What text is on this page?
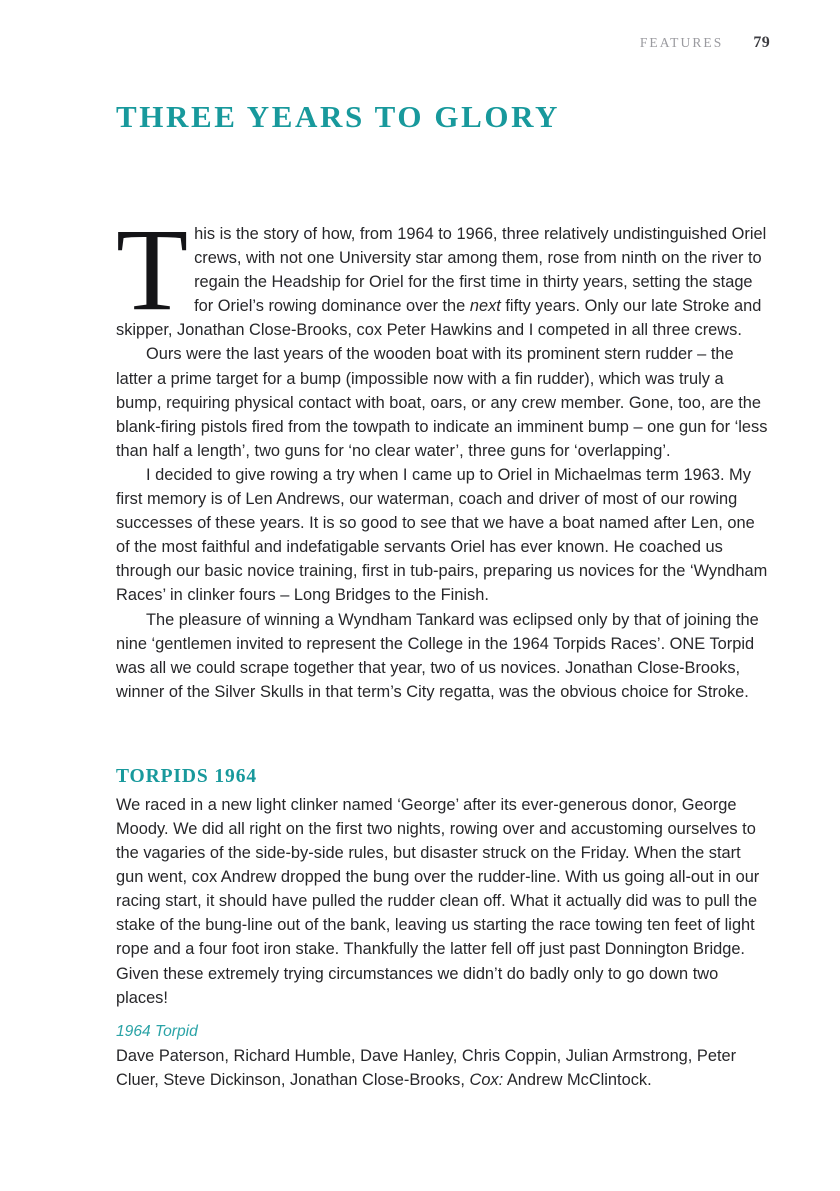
FEATURES 79
THREE YEARS TO GLORY

This is the story of how, from 1964 to 1966, three relatively undistinguished Oriel crews, with not one University star among them, rose from ninth on the river to regain the Headship for Oriel for the first time in thirty years, setting the stage for Oriel’s rowing dominance over the next fifty years. Only our late Stroke and skipper, Jonathan Close-Brooks, cox Peter Hawkins and I competed in all three crews.

Ours were the last years of the wooden boat with its prominent stern rudder – the latter a prime target for a bump (impossible now with a fin rudder), which was truly a bump, requiring physical contact with boat, oars, or any crew member. Gone, too, are the blank-firing pistols fired from the towpath to indicate an imminent bump – one gun for ‘less than half a length’, two guns for ‘no clear water’, three guns for ‘overlapping’.

I decided to give rowing a try when I came up to Oriel in Michaelmas term 1963. My first memory is of Len Andrews, our waterman, coach and driver of most of our rowing successes of these years. It is so good to see that we have a boat named after Len, one of the most faithful and indefatigable servants Oriel has ever known. He coached us through our basic novice training, first in tub-pairs, preparing us novices for the ‘Wyndham Races’ in clinker fours – Long Bridges to the Finish.

The pleasure of winning a Wyndham Tankard was eclipsed only by that of joining the nine ‘gentlemen invited to represent the College in the 1964 Torpids Races’. ONE Torpid was all we could scrape together that year, two of us novices. Jonathan Close-Brooks, winner of the Silver Skulls in that term’s City regatta, was the obvious choice for Stroke.

TORPIDS 1964

We raced in a new light clinker named ‘George’ after its ever-generous donor, George Moody. We did all right on the first two nights, rowing over and accustoming ourselves to the vagaries of the side-by-side rules, but disaster struck on the Friday. When the start gun went, cox Andrew dropped the bung over the rudder-line. With us going all-out in our racing start, it should have pulled the rudder clean off. What it actually did was to pull the stake of the bung-line out of the bank, leaving us starting the race towing ten feet of light rope and a four foot iron stake. Thankfully the latter fell off just past Donnington Bridge. Given these extremely trying circumstances we didn’t do badly only to go down two places!

1964 Torpid

Dave Paterson, Richard Humble, Dave Hanley, Chris Coppin, Julian Armstrong, Peter Cluer, Steve Dickinson, Jonathan Close-Brooks, Cox: Andrew McClintock.
